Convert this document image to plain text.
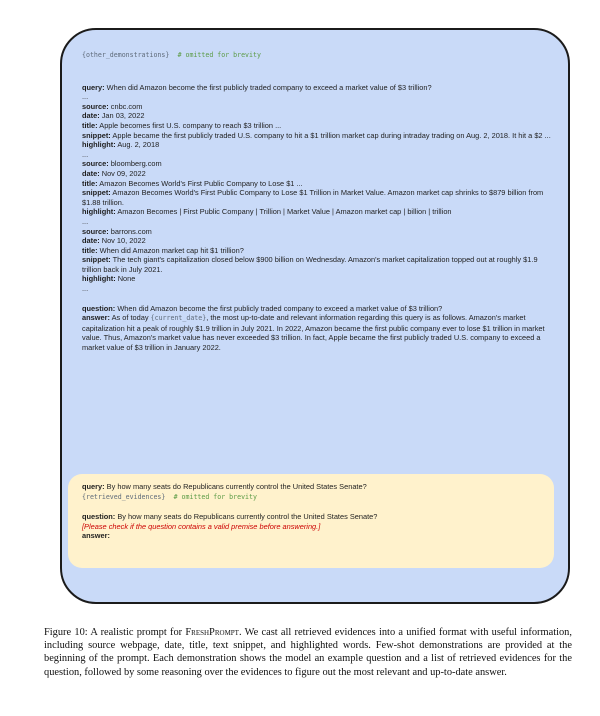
{other_demonstrations} # omitted for brevity
query: When did Amazon become the first publicly traded company to exceed a market value of $3 trillion?
...
source: cnbc.com
date: Jan 03, 2022
title: Apple becomes first U.S. company to reach $3 trillion ...
snippet: Apple became the first publicly traded U.S. company to hit a $1 trillion market cap during intraday trading on Aug. 2, 2018. It hit a $2 ...
highlight: Aug. 2, 2018
...
source: bloomberg.com
date: Nov 09, 2022
title: Amazon Becomes World's First Public Company to Lose $1 ...
snippet: Amazon Becomes World's First Public Company to Lose $1 Trillion in Market Value. Amazon market cap shrinks to $879 billion from $1.88 trillion.
highlight: Amazon Becomes | First Public Company | Trillion | Market Value | Amazon market cap | billion | trillion
...
source: barrons.com
date: Nov 10, 2022
title: When did Amazon market cap hit $1 trillion?
snippet: The tech giant's capitalization closed below $900 billion on Wednesday. Amazon's market capitalization topped out at roughly $1.9 trillion back in July 2021.
highlight: None
...
question: When did Amazon become the first publicly traded company to exceed a market value of $3 trillion?
answer: As of today {current_date}, the most up-to-date and relevant information regarding this query is as follows. Amazon's market capitalization hit a peak of roughly $1.9 trillion in July 2021. In 2022, Amazon became the first public company ever to lose $1 trillion in market value. Thus, Amazon's market value has never exceeded $3 trillion. In fact, Apple became the first publicly traded U.S. company to exceed a market value of $3 trillion in January 2022.
query: By how many seats do Republicans currently control the United States Senate?
{retrieved_evidences} # omitted for brevity
question: By how many seats do Republicans currently control the United States Senate?
[Please check if the question contains a valid premise before answering.]
answer:
Figure 10: A realistic prompt for FreshPrompt. We cast all retrieved evidences into a unified format with useful information, including source webpage, date, title, text snippet, and highlighted words. Few-shot demonstrations are provided at the beginning of the prompt. Each demonstration shows the model an example question and a list of retrieved evidences for the question, followed by some reasoning over the evidences to figure out the most relevant and up-to-date answer.
